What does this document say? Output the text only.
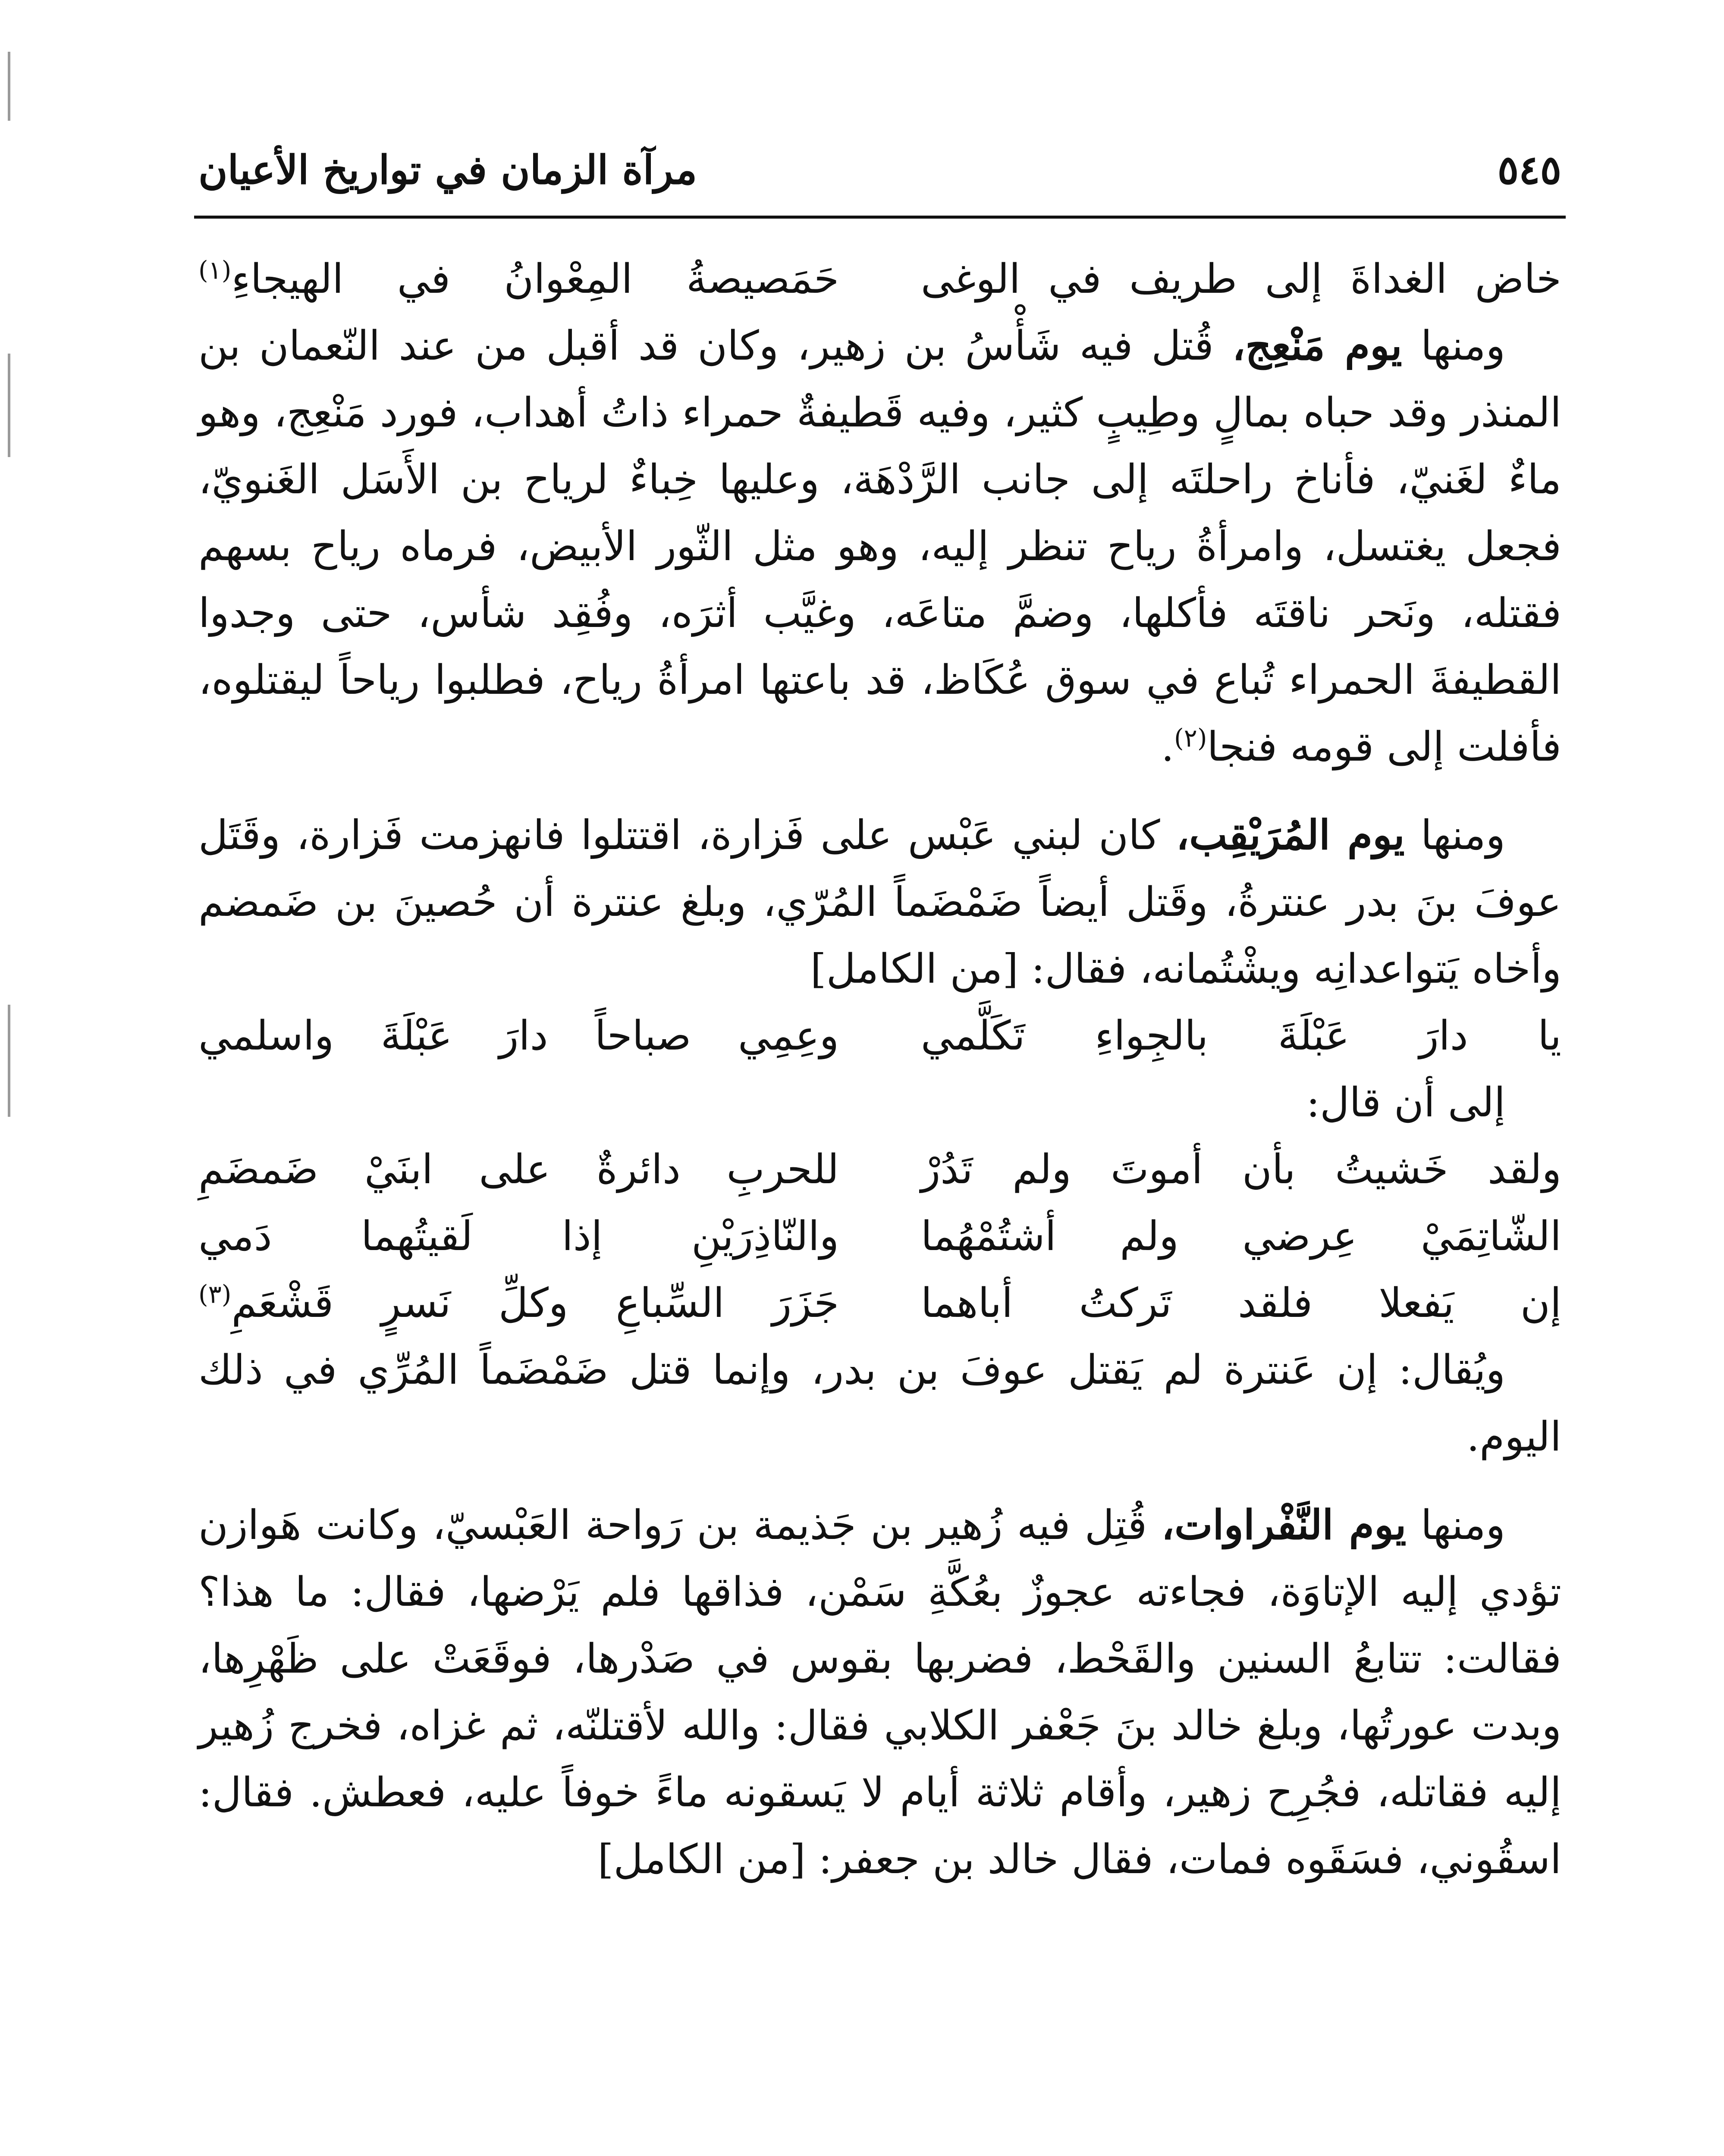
٥٤٥
مرآة الزمان في تواريخ الأعيان
خاض الغداةَ إلى طريف في الوغى
حَمَصيصةُ المِعْوانُ في الهيجاءِ$^{(١)}$

ومنها يوم مَنْعِج، قُتل فيه شَأْسُ بن زهير، وكان قد أقبل من عند النّعمان بن المنذر وقد حباه بمالٍ وطِيبٍ كثير، وفيه قَطيفةٌ حمراء ذاتُ أهداب، فورد مَنْعِج، وهو ماءٌ لغَنيّ، فأناخ راحلتَه إلى جانب الرَّدْهَة، وعليها خِباءٌ لرياح بن الأَسَل الغَنويّ، فجعل يغتسل، وامرأةُ رياح تنظر إليه، وهو مثل الثّور الأبيض، فرماه رياح بسهم فقتله، ونَحر ناقتَه فأكلها، وضمَّ متاعَه، وغيَّب أثرَه، وفُقِد شأس، حتى وجدوا القطيفةَ الحمراء تُباع في سوق عُكَاظ، قد باعتها امرأةُ رياح، فطلبوا رياحاً ليقتلوه، فأفلت إلى قومه فنجا$^{(٢)}$.

ومنها يوم المُرَيْقِب، كان لبني عَبْس على فَزارة، اقتتلوا فانهزمت فَزارة، وقَتَل عوفَ بنَ بدر عنترةُ، وقَتل أيضاً ضَمْضَماً المُرّي، وبلغ عنترة أن حُصينَ بن ضَمضم وأخاه يَتواعدانِه ويشْتُمانه، فقال: [من الكامل]

يا دارَ عَبْلَةَ بالجِواءِ تَكَلَّمي
وعِمِي صباحاً دارَ عَبْلَةَ واسلمي

إلى أن قال:

ولقد خَشيتُ بأن أموتَ ولم تَدُرْ
للحربِ دائرةٌ على ابنَيْ ضَمضَمِ
الشّاتِمَيْ عِرضي ولم أشتُمْهُما
والنّاذِرَيْنِ إذا لَقيتُهما دَمي
إن يَفعلا فلقد تَركتُ أباهما
جَزَرَ السِّباعِ وكلِّ نَسرٍ قَشْعَمِ$^{(٣)}$

ويُقال: إن عَنترة لم يَقتل عوفَ بن بدر، وإنما قتل ضَمْضَماً المُرِّي في ذلك اليوم.

ومنها يوم النَّفْراوات، قُتِل فيه زُهير بن جَذيمة بن رَواحة العَبْسيّ، وكانت هَوازن تؤدي إليه الإتاوَة، فجاءته عجوزٌ بعُكَّةِ سَمْن، فذاقها فلم يَرْضها، فقال: ما هذا؟ فقالت: تتابعُ السنين والقَحْط، فضربها بقوس في صَدْرها، فوقَعَتْ على ظَهْرِها، وبدت عورتُها، وبلغ خالد بنَ جَعْفر الكلابي فقال: والله لأقتلنّه، ثم غزاه، فخرج زُهير إليه فقاتله، فجُرِح زهير، وأقام ثلاثة أيام لا يَسقونه ماءً خوفاً عليه، فعطش. فقال: اسقُوني، فسَقَوه فمات، فقال خالد بن جعفر: [من الكامل]
